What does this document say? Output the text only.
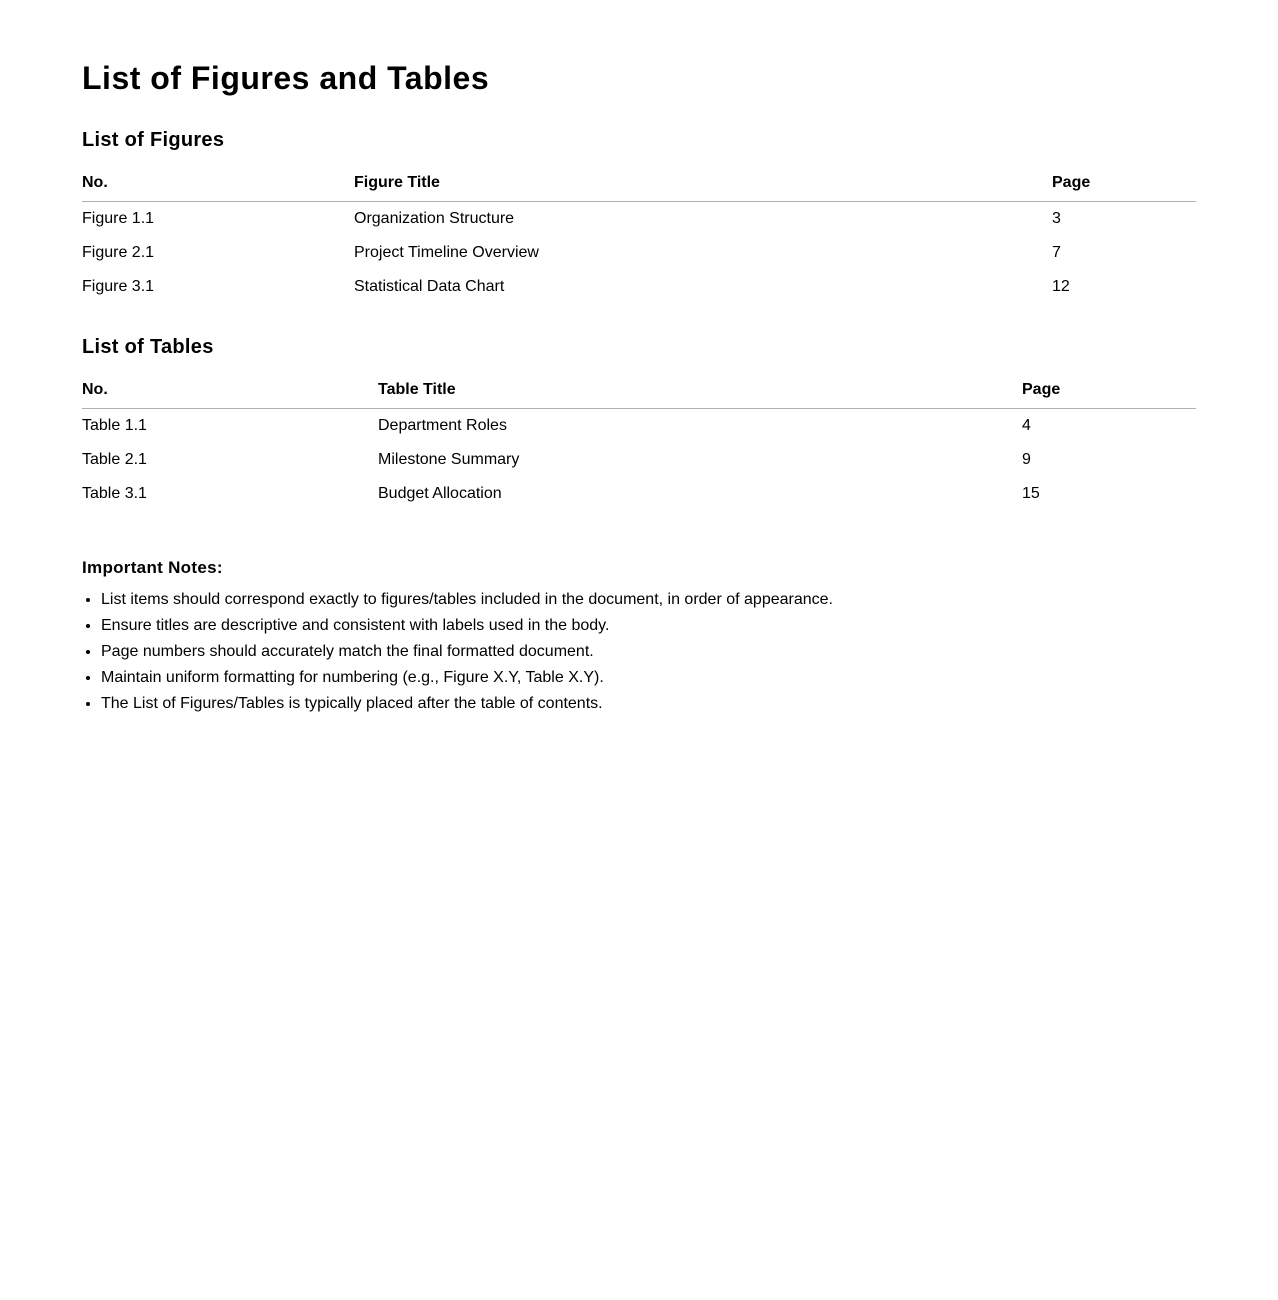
List of Figures and Tables
List of Figures
No.	Figure Title	Page
Figure 1.1	Organization Structure	3
Figure 2.1	Project Timeline Overview	7
Figure 3.1	Statistical Data Chart	12
List of Tables
No.	Table Title	Page
Table 1.1	Department Roles	4
Table 2.1	Milestone Summary	9
Table 3.1	Budget Allocation	15
Important Notes:
• List items should correspond exactly to figures/tables included in the document, in order of appearance.
• Ensure titles are descriptive and consistent with labels used in the body.
• Page numbers should accurately match the final formatted document.
• Maintain uniform formatting for numbering (e.g., Figure X.Y, Table X.Y).
• The List of Figures/Tables is typically placed after the table of contents.
